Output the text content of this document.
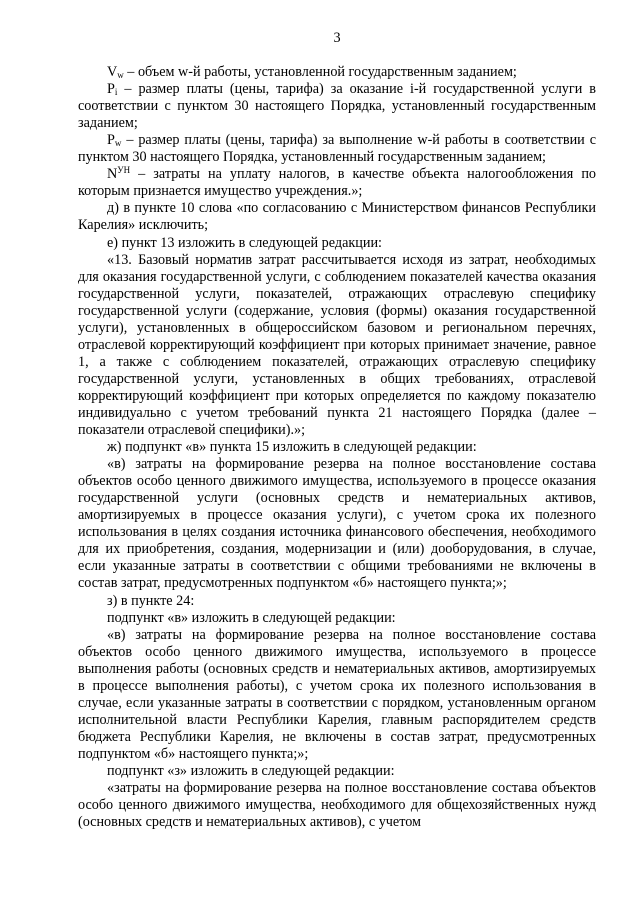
3
$V_w$ – объем w-й работы, установленной государственным заданием;
$P_i$ – размер платы (цены, тарифа) за оказание i-й государственной услуги в соответствии с пунктом 30 настоящего Порядка, установленный государственным заданием;
$P_w$ – размер платы (цены, тарифа) за выполнение w-й работы в соответствии с пунктом 30 настоящего Порядка, установленный государственным заданием;
$N^{УН}$ – затраты на уплату налогов, в качестве объекта налогообложения по которым признается имущество учреждения.»;
д) в пункте 10 слова «по согласованию с Министерством финансов Республики Карелия» исключить;
е) пункт 13 изложить в следующей редакции:
«13. Базовый норматив затрат рассчитывается исходя из затрат, необходимых для оказания государственной услуги, с соблюдением показателей качества оказания государственной услуги, показателей, отражающих отраслевую специфику государственной услуги (содержание, условия (формы) оказания государственной услуги), установленных в общероссийском базовом и региональном перечнях, отраслевой корректирующий коэффициент при которых принимает значение, равное 1, а также с соблюдением показателей, отражающих отраслевую специфику государственной услуги, установленных в общих требованиях, отраслевой корректирующий коэффициент при которых определяется по каждому показателю индивидуально с учетом требований пункта 21 настоящего Порядка (далее – показатели отраслевой специфики).»;
ж) подпункт «в» пункта 15 изложить в следующей редакции:
«в) затраты на формирование резерва на полное восстановление состава объектов особо ценного движимого имущества, используемого в процессе оказания государственной услуги (основных средств и нематериальных активов, амортизируемых в процессе оказания услуги), с учетом срока их полезного использования в целях создания источника финансового обеспечения, необходимого для их приобретения, создания, модернизации и (или) дооборудования, в случае, если указанные затраты в соответствии с общими требованиями не включены в состав затрат, предусмотренных подпунктом «б» настоящего пункта;»;
з) в пункте 24:
подпункт «в» изложить в следующей редакции:
«в) затраты на формирование резерва на полное восстановление состава объектов особо ценного движимого имущества, используемого в процессе выполнения работы (основных средств и нематериальных активов, амортизируемых в процессе выполнения работы), с учетом срока их полезного использования в случае, если указанные затраты в соответствии с порядком, установленным органом исполнительной власти Республики Карелия, главным распорядителем средств бюджета Республики Карелия, не включены в состав затрат, предусмотренных подпунктом «б» настоящего пункта;»;
подпункт «з» изложить в следующей редакции:
«затраты на формирование резерва на полное восстановление состава объектов особо ценного движимого имущества, необходимого для общехозяйственных нужд (основных средств и нематериальных активов), с учетом
